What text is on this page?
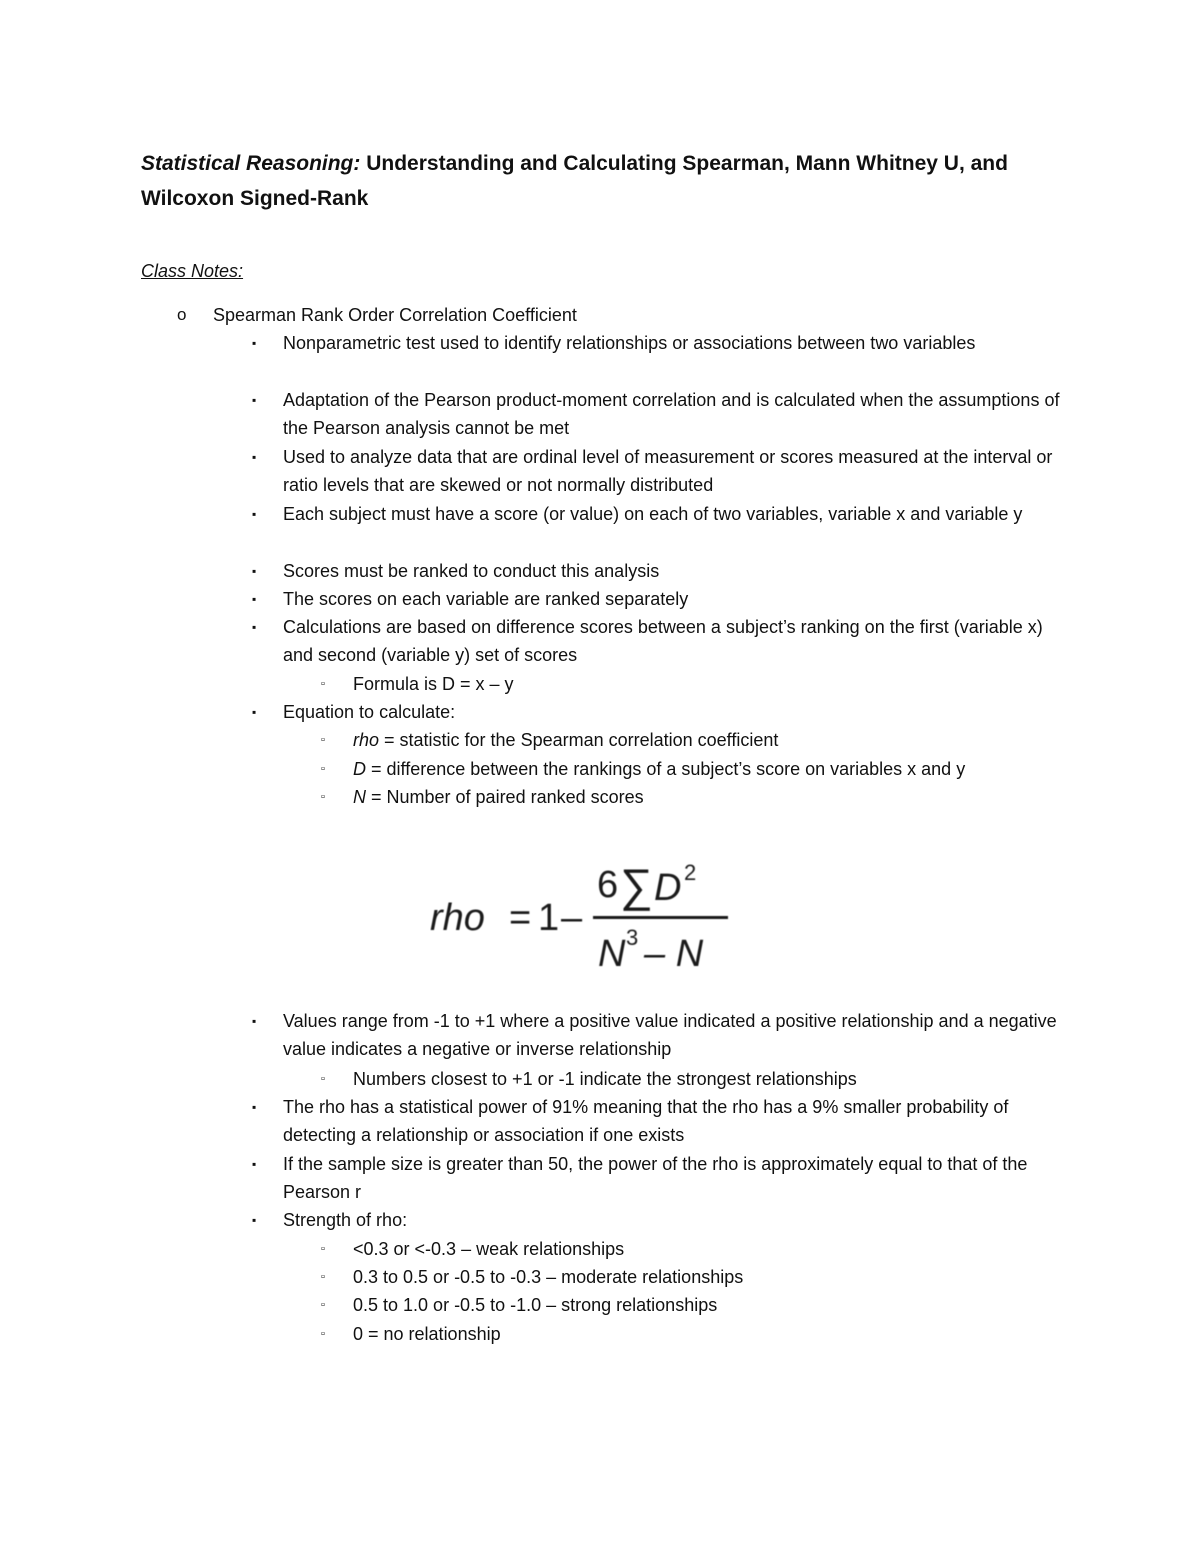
Statistical Reasoning: Understanding and Calculating Spearman, Mann Whitney U, and Wilcoxon Signed-Rank
Class Notes:
o Spearman Rank Order Correlation Coefficient
▪ Nonparametric test used to identify relationships or associations between two variables
▪ Adaptation of the Pearson product-moment correlation and is calculated when the assumptions of the Pearson analysis cannot be met
▪ Used to analyze data that are ordinal level of measurement or scores measured at the interval or ratio levels that are skewed or not normally distributed
▪ Each subject must have a score (or value) on each of two variables, variable x and variable y
▪ Scores must be ranked to conduct this analysis
▪ The scores on each variable are ranked separately
▪ Calculations are based on difference scores between a subject’s ranking on the first (variable x) and second (variable y) set of scores
▫ Formula is D = x – y
▪ Equation to calculate:
▫ rho = statistic for the Spearman correlation coefficient
▫ D = difference between the rankings of a subject’s score on variables x and y
▫ N = Number of paired ranked scores
rho = 1 –
6 ∑ D 2
N 3 – N
▪ Values range from -1 to +1 where a positive value indicated a positive relationship and a negative value indicates a negative or inverse relationship
▫ Numbers closest to +1 or -1 indicate the strongest relationships
▪ The rho has a statistical power of 91% meaning that the rho has a 9% smaller probability of detecting a relationship or association if one exists
▪ If the sample size is greater than 50, the power of the rho is approximately equal to that of the Pearson r
▪ Strength of rho:
▫ <0.3 or <-0.3 – weak relationships
▫ 0.3 to 0.5 or -0.5 to -0.3 – moderate relationships
▫ 0.5 to 1.0 or -0.5 to -1.0 – strong relationships
▫ 0 = no relationship
